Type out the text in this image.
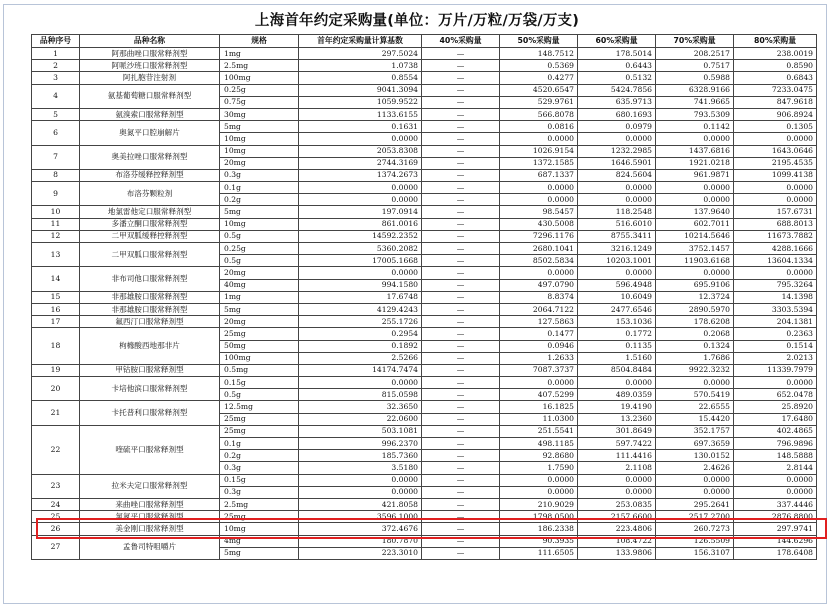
上海首年约定采购量(单位：万片/万粒/万袋/万支)
品种序号	品种名称	规格	首年约定采购量计算基数	40%采购量	50%采购量	60%采购量	70%采购量	80%采购量
1	阿那曲唑口服常释剂型	1mg	297.5024	—	148.7512	178.5014	208.2517	238.0019
2	阿哌沙班口服常释剂型	2.5mg	1.0738	—	0.5369	0.6443	0.7517	0.8590
3	阿扎胞苷注射剂	100mg	0.8554	—	0.4277	0.5132	0.5988	0.6843
4	氨基葡萄糖口服常释剂型	0.25g	9041.3094	—	4520.6547	5424.7856	6328.9166	7233.0475
		0.75g	1059.9522	—	529.9761	635.9713	741.9665	847.9618
5	氨溴索口服常释剂型	30mg	1133.6155	—	566.8078	680.1693	793.5309	906.8924
6	奥氮平口腔崩解片	5mg	0.1631	—	0.0816	0.0979	0.1142	0.1305
		10mg	0.0000	—	0.0000	0.0000	0.0000	0.0000
7	奥美拉唑口服常释剂型	10mg	2053.8308	—	1026.9154	1232.2985	1437.6816	1643.0646
		20mg	2744.3169	—	1372.1585	1646.5901	1921.0218	2195.4535
8	布洛芬缓释控释剂型	0.3g	1374.2673	—	687.1337	824.5604	961.9871	1099.4138
9	布洛芬颗粒剂	0.1g	0.0000	—	0.0000	0.0000	0.0000	0.0000
		0.2g	0.0000	—	0.0000	0.0000	0.0000	0.0000
10	地氯雷他定口服常释剂型	5mg	197.0914	—	98.5457	118.2548	137.9640	157.6731
11	多潘立酮口服常释剂型	10mg	861.0016	—	430.5008	516.6010	602.7011	688.8013
12	二甲双胍缓释控释剂型	0.5g	14592.2352	—	7296.1176	8755.3411	10214.5646	11673.7882
13	二甲双胍口服常释剂型	0.25g	5360.2082	—	2680.1041	3216.1249	3752.1457	4288.1666
		0.5g	17005.1668	—	8502.5834	10203.1001	11903.6168	13604.1334
14	非布司他口服常释剂型	20mg	0.0000	—	0.0000	0.0000	0.0000	0.0000
		40mg	994.1580	—	497.0790	596.4948	695.9106	795.3264
15	非那雄胺口服常释剂型	1mg	17.6748	—	8.8374	10.6049	12.3724	14.1398
16	非那雄胺口服常释剂型	5mg	4129.4243	—	2064.7122	2477.6546	2890.5970	3303.5394
17	氟西汀口服常释剂型	20mg	255.1726	—	127.5863	153.1036	178.6208	204.1381
18	枸橼酸西地那非片	25mg	0.2954	—	0.1477	0.1772	0.2068	0.2363
		50mg	0.1892	—	0.0946	0.1135	0.1324	0.1514
		100mg	2.5266	—	1.2633	1.5160	1.7686	2.0213
19	甲钴胺口服常释剂型	0.5mg	14174.7474	—	7087.3737	8504.8484	9922.3232	11339.7979
20	卡培他滨口服常释剂型	0.15g	0.0000	—	0.0000	0.0000	0.0000	0.0000
		0.5g	815.0598	—	407.5299	489.0359	570.5419	652.0478
21	卡托普利口服常释剂型	12.5mg	32.3650	—	16.1825	19.4190	22.6555	25.8920
		25mg	22.0600	—	11.0300	13.2360	15.4420	17.6480
22	喹硫平口服常释剂型	25mg	503.1081	—	251.5541	301.8649	352.1757	402.4865
		0.1g	996.2370	—	498.1185	597.7422	697.3659	796.9896
		0.2g	185.7360	—	92.8680	111.4416	130.0152	148.5888
		0.3g	3.5180	—	1.7590	2.1108	2.4626	2.8144
23	拉米夫定口服常释剂型	0.15g	0.0000	—	0.0000	0.0000	0.0000	0.0000
		0.3g	0.0000	—	0.0000	0.0000	0.0000	0.0000
24	来曲唑口服常释剂型	2.5mg	421.8058	—	210.9029	253.0835	295.2641	337.4446
25	氯氮平口服常释剂型	25mg	3596.1000	—	1798.0500	2157.6600	2517.2700	2876.8800
26	美金刚口服常释剂型	10mg	372.4676	—	186.2338	223.4806	260.7273	297.9741
27	孟鲁司特咀嚼片	4mg	180.7870	—	90.3935	108.4722	126.5509	144.6296
		5mg	223.3010	—	111.6505	133.9806	156.3107	178.6408
